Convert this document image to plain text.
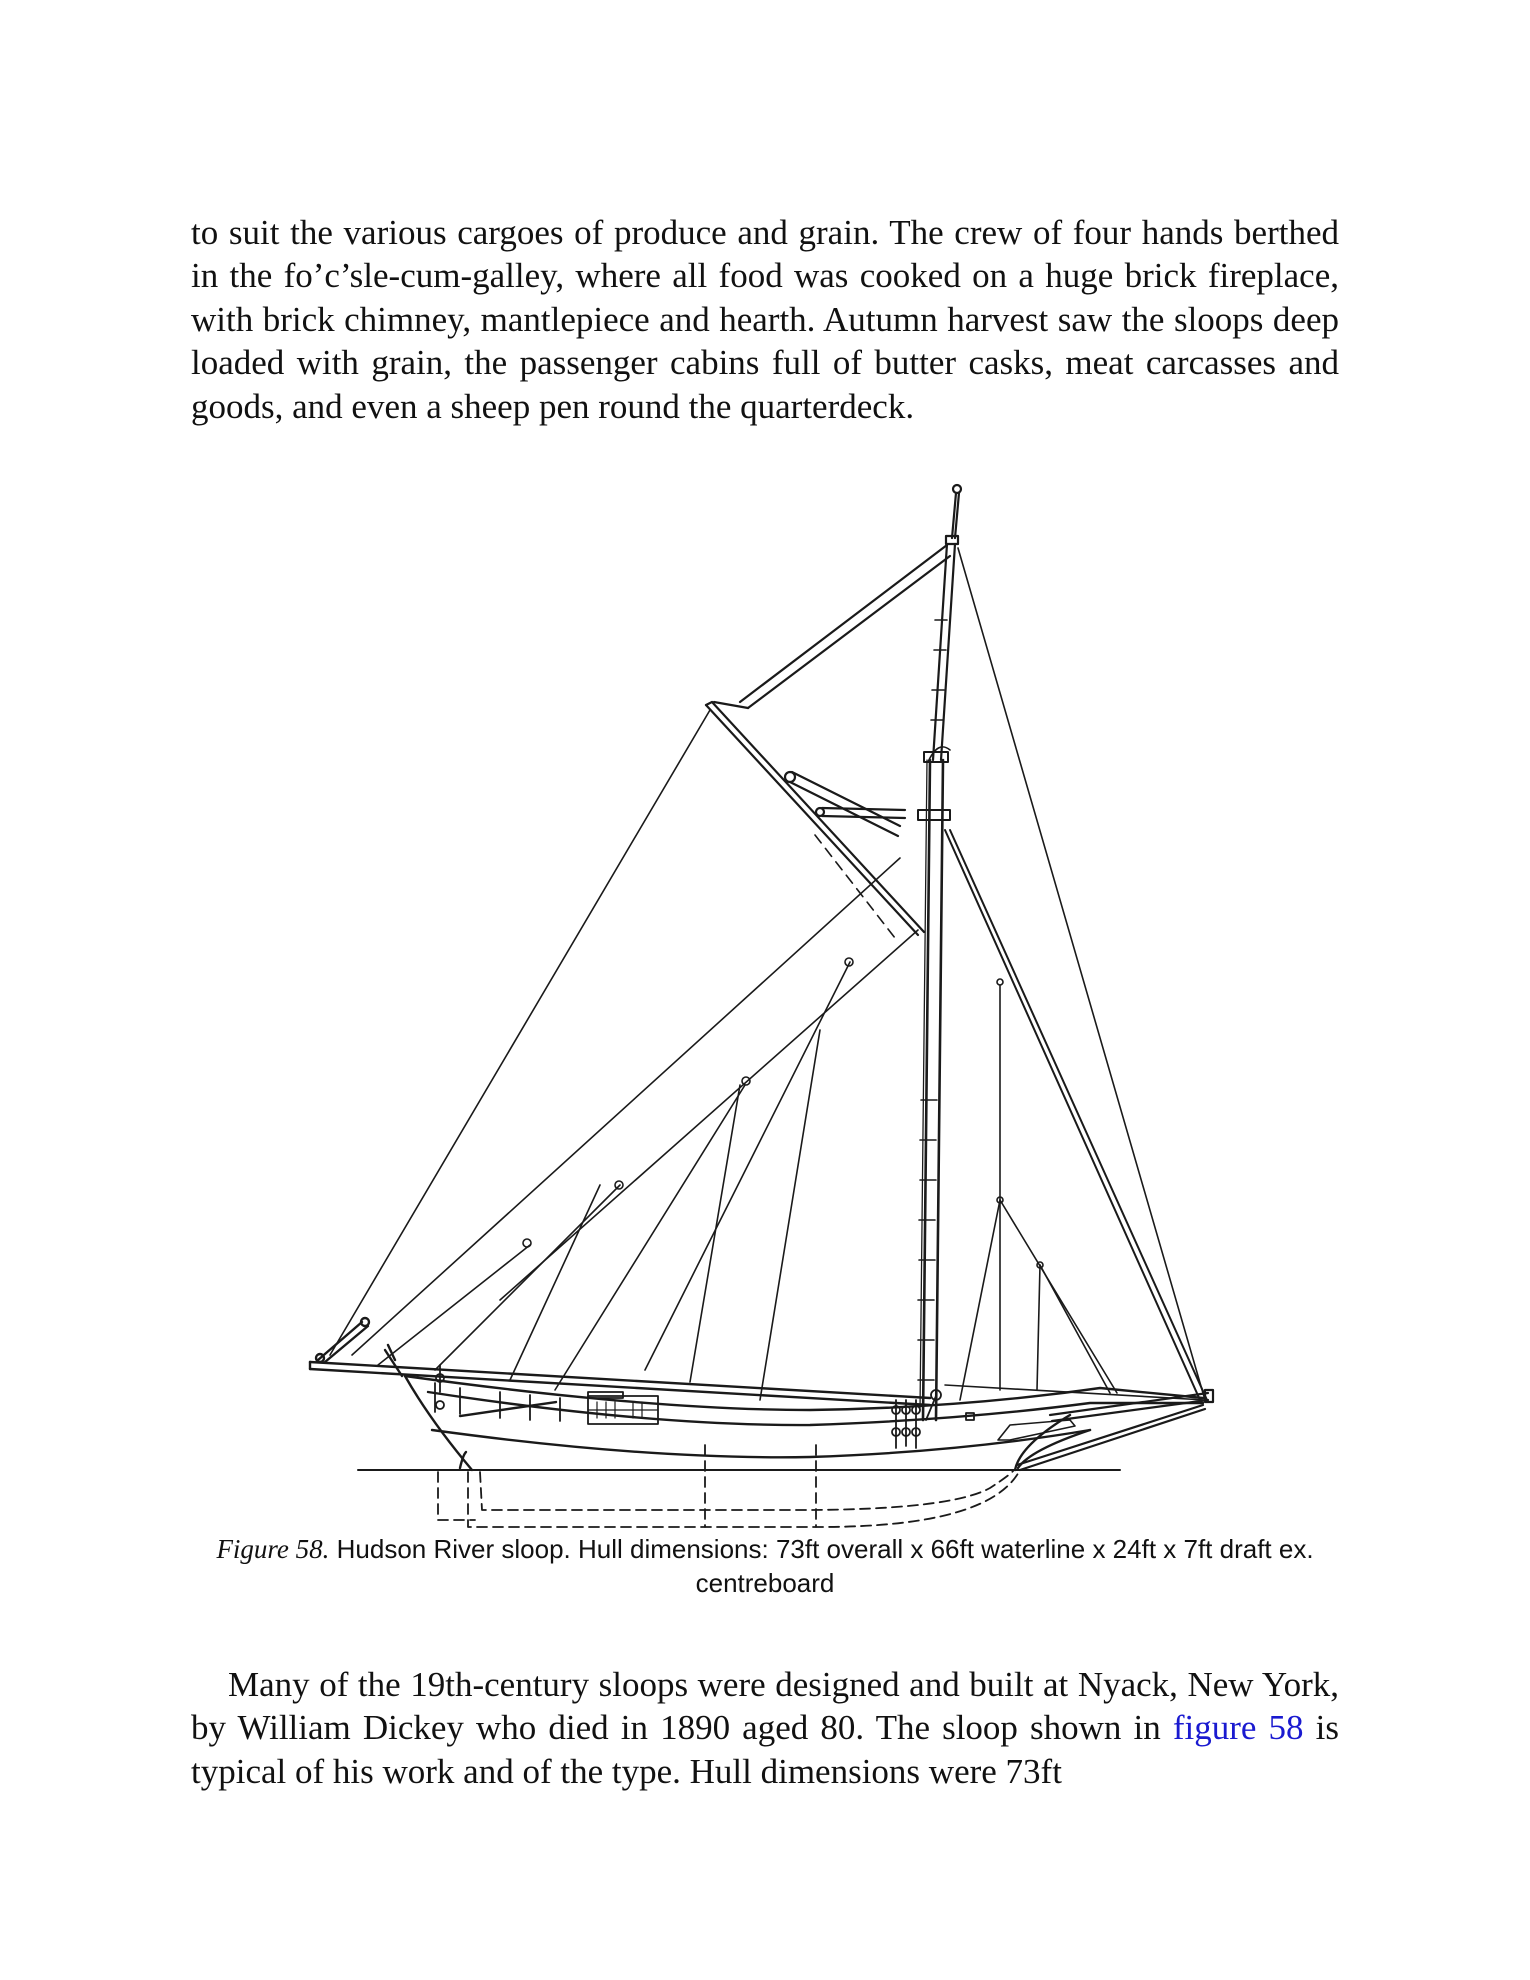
to suit the various cargoes of produce and grain. The crew of four hands berthed in the fo’c’sle-cum-galley, where all food was cooked on a huge brick fireplace, with brick chimney, mantlepiece and hearth. Autumn harvest saw the sloops deep loaded with grain, the passenger cabins full of butter casks, meat carcasses and goods, and even a sheep pen round the quarterdeck.

Figure 58. Hudson River sloop. Hull dimensions: 73ft overall x 66ft waterline x 24ft x 7ft draft ex. centreboard

Many of the 19th-century sloops were designed and built at Nyack, New York, by William Dickey who died in 1890 aged 80. The sloop shown in figure 58 is typical of his work and of the type. Hull dimensions were 73ft
